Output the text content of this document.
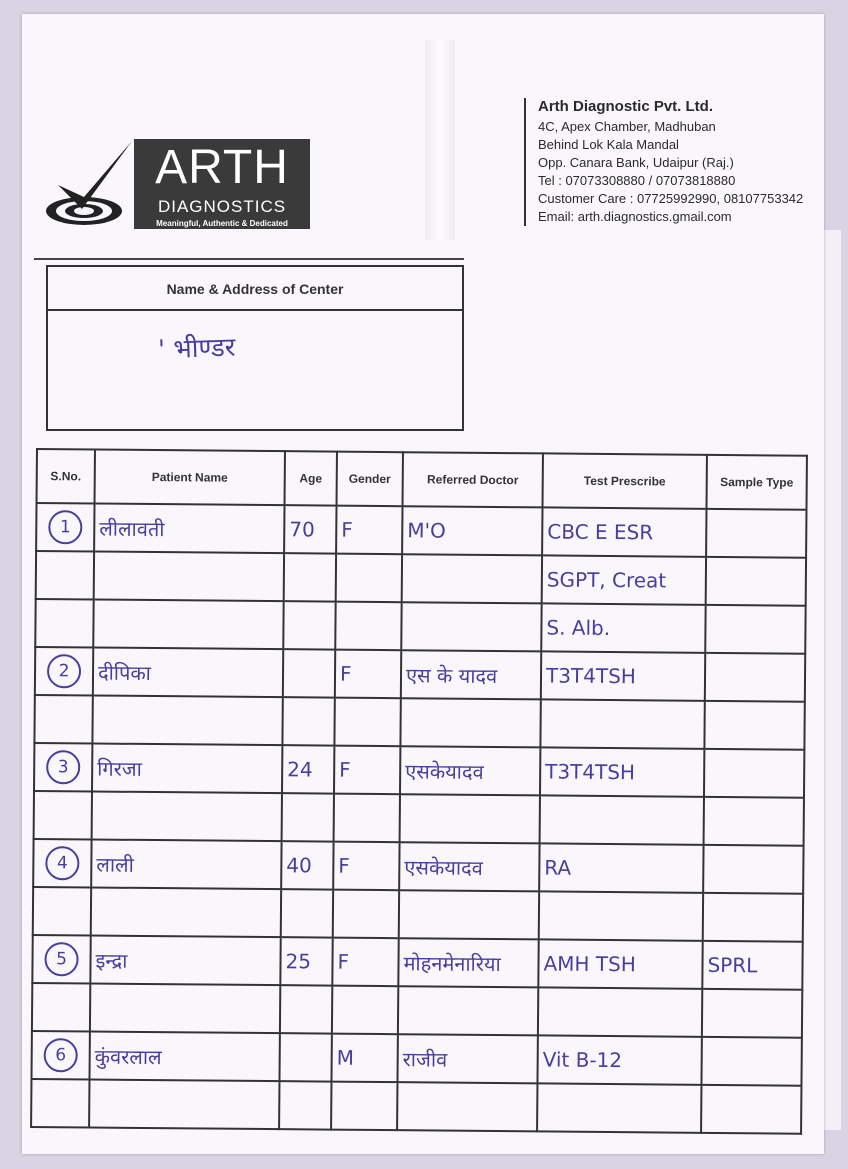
ARTH
DIAGNOSTICS
Meaningful, Authentic & Dedicated
Arth Diagnostic Pvt. Ltd.
4C, Apex Chamber, Madhuban
Behind Lok Kala Mandal
Opp. Canara Bank, Udaipur (Raj.)
Tel : 07073308880 / 07073818880
Customer Care : 07725992990, 08107753342
Email: arth.diagnostics.gmail.com
Name & Address of Center
' भीण्डर
S.No.	Patient Name	Age	Gender	Referred Doctor	Test Prescribe	Sample Type
1	लीलावती	70	F	M'O	CBC E ESR	
					SGPT, Creat	
					S. Alb.	
2	दीपिका		F	एस के यादव	T3T4TSH	

3	गिरजा	24	F	एसकेयादव	T3T4TSH	

4	लाली	40	F	एसकेयादव	RA	

5	इन्द्रा	25	F	मोहनमेनारिया	AMH TSH	SPRL

6	कुंवरलाल		M	राजीव	Vit B-12	
